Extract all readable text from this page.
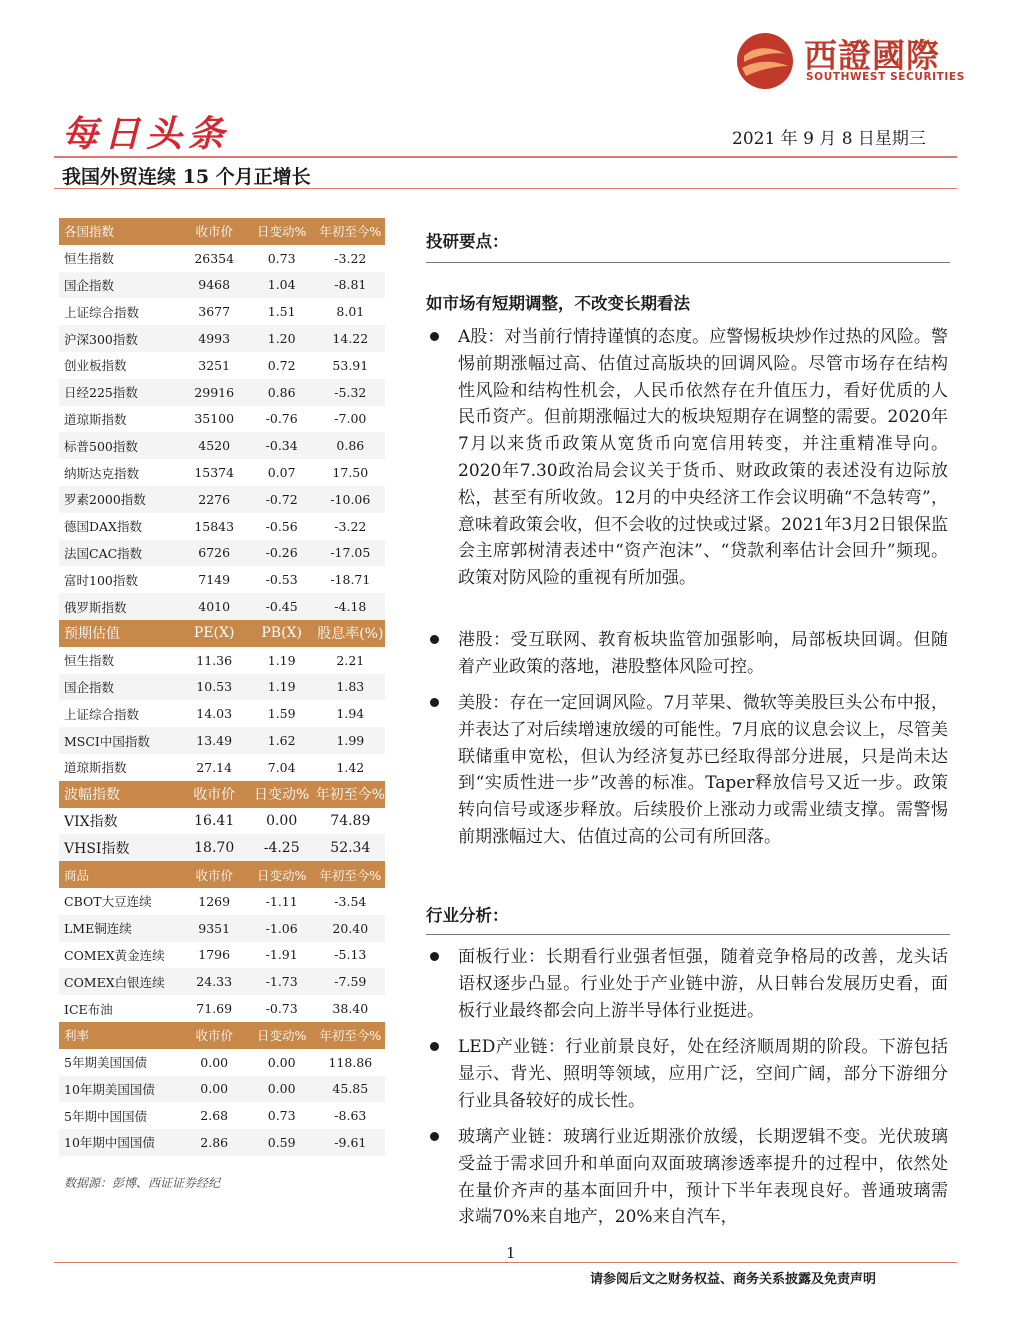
西證國際
SOUTHWEST SECURITIES
每日头条	2021 年 9 月 8 日星期三
我国外贸连续 15 个月正增长
各国指数	收市价	日变动%	年初至今%
恒生指数	26354	0.73	-3.22
国企指数	9468	1.04	-8.81
上证综合指数	3677	1.51	8.01
沪深300指数	4993	1.20	14.22
创业板指数	3251	0.72	53.91
日经225指数	29916	0.86	-5.32
道琼斯指数	35100	-0.76	-7.00
标普500指数	4520	-0.34	0.86
纳斯达克指数	15374	0.07	17.50
罗素2000指数	2276	-0.72	-10.06
德国DAX指数	15843	-0.56	-3.22
法国CAC指数	6726	-0.26	-17.05
富时100指数	7149	-0.53	-18.71
俄罗斯指数	4010	-0.45	-4.18
预期估值	PE(X)	PB(X)	股息率(%)
恒生指数	11.36	1.19	2.21
国企指数	10.53	1.19	1.83
上证综合指数	14.03	1.59	1.94
MSCI中国指数	13.49	1.62	1.99
道琼斯指数	27.14	7.04	1.42
波幅指数	收市价	日变动%	年初至今%
VIX指数	16.41	0.00	74.89
VHSI指数	18.70	-4.25	52.34
商品	收市价	日变动%	年初至今%
CBOT大豆连续	1269	-1.11	-3.54
LME铜连续	9351	-1.06	20.40
COMEX黄金连续	1796	-1.91	-5.13
COMEX白银连续	24.33	-1.73	-7.59
ICE布油	71.69	-0.73	38.40
利率	收市价	日变动%	年初至今%
5年期美国国债	0.00	0.00	118.86
10年期美国国债	0.00	0.00	45.85
5年期中国国债	2.68	0.73	-8.63
10年期中国国债	2.86	0.59	-9.61
数据源：彭博、西证证券经纪
投研要点：
如市场有短期调整，不改变长期看法
A股：对当前行情持谨慎的态度。应警惕板块炒作过热的风险。警惕前期涨幅过高、估值过高版块的回调风险。尽管市场存在结构性风险和结构性机会，人民币依然存在升值压力，看好优质的人民币资产。但前期涨幅过大的板块短期存在调整的需要。2020年7月以来货币政策从宽货币向宽信用转变，并注重精准导向。2020年7.30政治局会议关于货币、财政政策的表述没有边际放松，甚至有所收敛。12月的中央经济工作会议明确“不急转弯”，意味着政策会收，但不会收的过快或过紧。2021年3月2日银保监会主席郭树清表述中“资产泡沫”、“贷款利率估计会回升”频现。政策对防风险的重视有所加强。
港股：受互联网、教育板块监管加强影响，局部板块回调。但随着产业政策的落地，港股整体风险可控。
美股：存在一定回调风险。7月苹果、微软等美股巨头公布中报，并表达了对后续增速放缓的可能性。7月底的议息会议上，尽管美联储重申宽松，但认为经济复苏已经取得部分进展，只是尚未达到“实质性进一步”改善的标准。Taper释放信号又近一步。政策转向信号或逐步释放。后续股价上涨动力或需业绩支撑。需警惕前期涨幅过大、估值过高的公司有所回落。
行业分析：
面板行业：长期看行业强者恒强，随着竞争格局的改善，龙头话语权逐步凸显。行业处于产业链中游，从日韩台发展历史看，面板行业最终都会向上游半导体行业挺进。
LED产业链：行业前景良好，处在经济顺周期的阶段。下游包括显示、背光、照明等领域，应用广泛，空间广阔，部分下游细分行业具备较好的成长性。
玻璃产业链：玻璃行业近期涨价放缓，长期逻辑不变。光伏玻璃受益于需求回升和单面向双面玻璃渗透率提升的过程中，依然处在量价齐声的基本面回升中，预计下半年表现良好。普通玻璃需求端70%来自地产，20%来自汽车，
1
请参阅后文之财务权益、商务关系披露及免责声明
